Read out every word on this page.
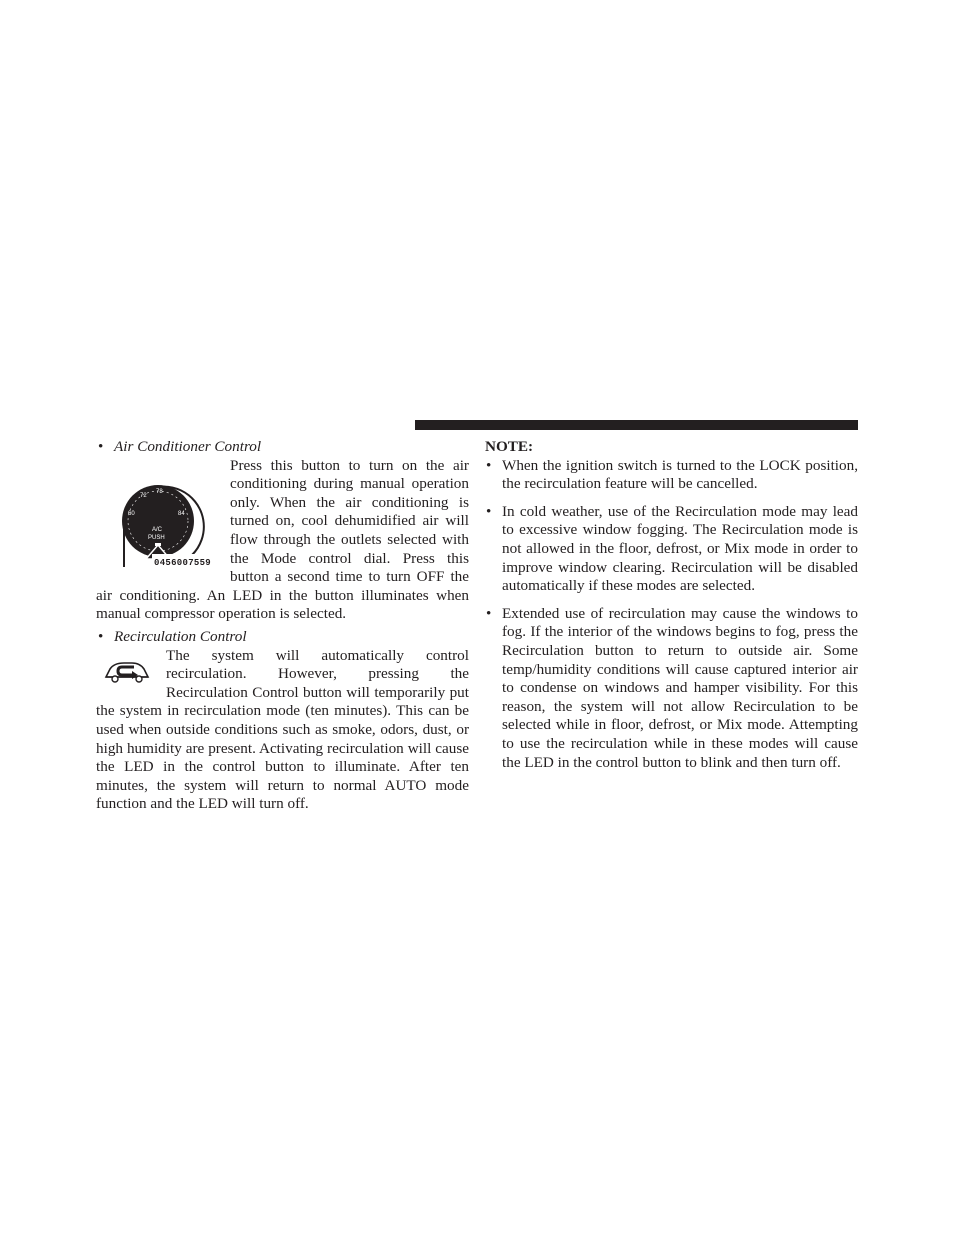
• Air Conditioner Control

60
72
78
84
A/C
PUSH
0456007559

Press this button to turn on the air conditioning during manual operation only. When the air conditioning is turned on, cool dehumidified air will flow through the outlets selected with the Mode control dial. Press this button a second time to turn OFF the air conditioning. An LED in the button illuminates when manual compressor operation is selected.

• Recirculation Control

The system will automatically control recirculation. However, pressing the Recirculation Control button will temporarily put the system in recirculation mode (ten minutes). This can be used when outside conditions such as smoke, odors, dust, or high humidity are present. Activating recirculation will cause the LED in the control button to illuminate. After ten minutes, the system will return to normal AUTO mode function and the LED will turn off.

NOTE:

• When the ignition switch is turned to the LOCK position, the recirculation feature will be cancelled.
• In cold weather, use of the Recirculation mode may lead to excessive window fogging. The Recirculation mode is not allowed in the floor, defrost, or Mix mode in order to improve window clearing. Recirculation will be disabled automatically if these modes are selected.
• Extended use of recirculation may cause the windows to fog. If the interior of the windows begins to fog, press the Recirculation button to return to outside air. Some temp/humidity conditions will cause captured interior air to condense on windows and hamper visibility. For this reason, the system will not allow Recirculation to be selected while in floor, defrost, or Mix mode. Attempting to use the recirculation while in these modes will cause the LED in the control button to blink and then turn off.
